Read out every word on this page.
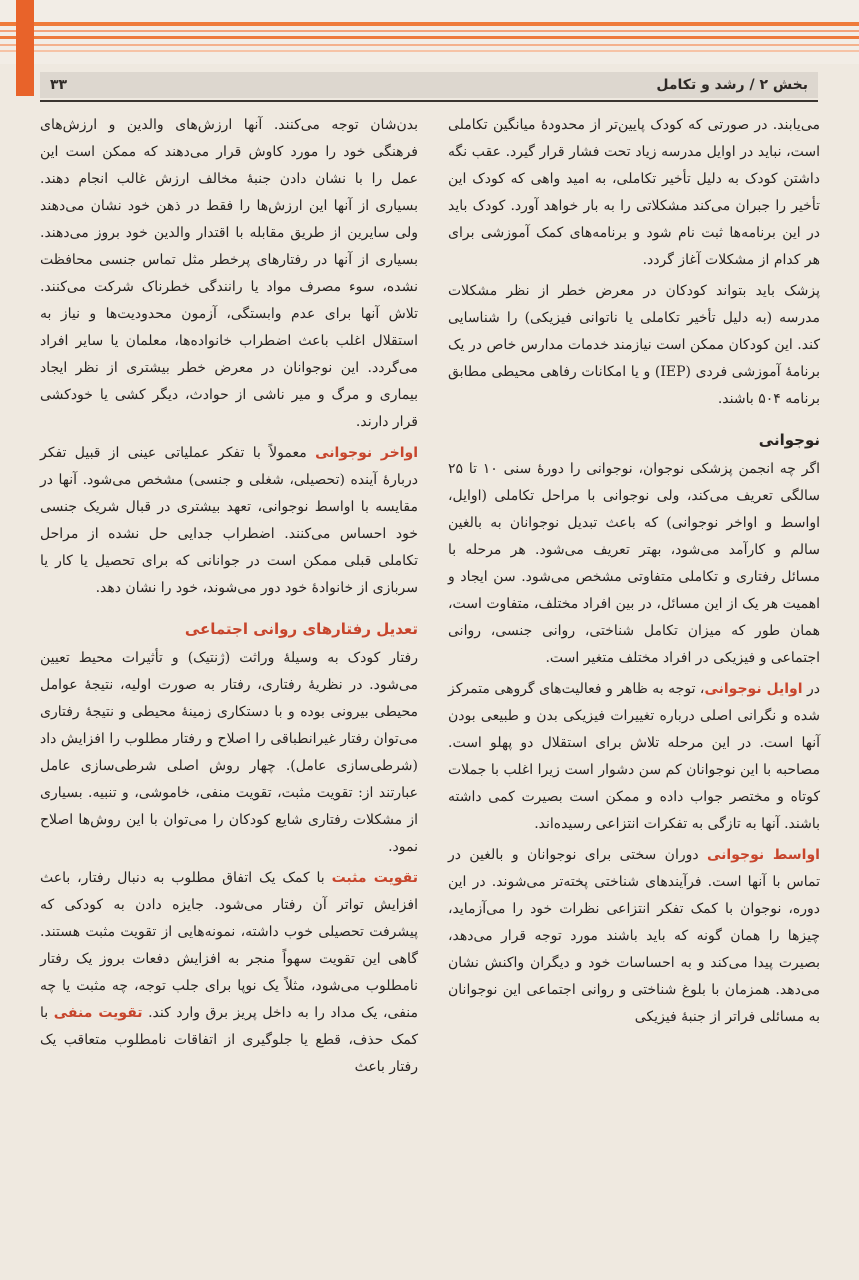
بخش ۲ / رشد و تکامل
۳۳

می‌یابند. در صورتی که کودک پایین‌تر از محدودهٔ میانگین تکاملی است، نباید در اوایل مدرسه زیاد تحت فشار قرار گیرد. عقب نگه داشتن کودک به دلیل تأخیر تکاملی، به امید واهی که کودک این تأخیر را جبران می‌کند مشکلاتی را به بار خواهد آورد. کودک باید در این برنامه‌ها ثبت نام شود و برنامه‌های کمک آموزشی برای هر کدام از مشکلات آغاز گردد.

پزشک باید بتواند کودکان در معرض خطر از نظر مشکلات مدرسه (به دلیل تأخیر تکاملی یا ناتوانی فیزیکی) را شناسایی کند. این کودکان ممکن است نیازمند خدمات مدارس خاص در یک برنامهٔ آموزشی فردی (IEP) و یا امکانات رفاهی محیطی مطابق برنامه ۵۰۴ باشند.

نوجوانی

اگر چه انجمن پزشکی نوجوان، نوجوانی را دورهٔ سنی ۱۰ تا ۲۵ سالگی تعریف می‌کند، ولی نوجوانی با مراحل تکاملی (اوایل، اواسط و اواخر نوجوانی) که باعث تبدیل نوجوانان به بالغین سالم و کارآمد می‌شود، بهتر تعریف می‌شود. هر مرحله با مسائل رفتاری و تکاملی متفاوتی مشخص می‌شود. سن ایجاد و اهمیت هر یک از این مسائل، در بین افراد مختلف، متفاوت است، همان طور که میزان تکامل شناختی، روانی جنسی، روانی اجتماعی و فیزیکی در افراد مختلف متغیر است.

در اوایل نوجوانی، توجه به ظاهر و فعالیت‌های گروهی متمرکز شده و نگرانی اصلی درباره تغییرات فیزیکی بدن و طبیعی بودن آنها است. در این مرحله تلاش برای استقلال دو پهلو است. مصاحبه با این نوجوانان کم سن دشوار است زیرا اغلب با جملات کوتاه و مختصر جواب داده و ممکن است بصیرت کمی داشته باشند. آنها به تازگی به تفکرات انتزاعی رسیده‌اند.

اواسط نوجوانی دوران سختی برای نوجوانان و بالغین در تماس با آنها است. فرآیندهای شناختی پخته‌تر می‌شوند. در این دوره، نوجوان با کمک تفکر انتزاعی نظرات خود را می‌آزماید، چیزها را همان گونه که باید باشند مورد توجه قرار می‌دهد، بصیرت پیدا می‌کند و به احساسات خود و دیگران واکنش نشان می‌دهد. همزمان با بلوغ شناختی و روانی اجتماعی این نوجوانان به مسائلی فراتر از جنبهٔ فیزیکی

بدن‌شان توجه می‌کنند. آنها ارزش‌های والدین و ارزش‌های فرهنگی خود را مورد کاوش قرار می‌دهند که ممکن است این عمل را با نشان دادن جنبهٔ مخالف ارزش غالب انجام دهند. بسیاری از آنها این ارزش‌ها را فقط در ذهن خود نشان می‌دهند ولی سایرین از طریق مقابله با اقتدار والدین خود بروز می‌دهند. بسیاری از آنها در رفتارهای پرخطر مثل تماس جنسی محافظت نشده، سوء مصرف مواد یا رانندگی خطرناک شرکت می‌کنند. تلاش آنها برای عدم وابستگی، آزمون محدودیت‌ها و نیاز به استقلال اغلب باعث اضطراب خانواده‌ها، معلمان یا سایر افراد می‌گردد. این نوجوانان در معرض خطر بیشتری از نظر ایجاد بیماری و مرگ و میر ناشی از حوادث، دیگر کشی یا خودکشی قرار دارند.

اواخر نوجوانی معمولاً با تفکر عملیاتی عینی از قبیل تفکر دربارهٔ آینده (تحصیلی، شغلی و جنسی) مشخص می‌شود. آنها در مقایسه با اواسط نوجوانی، تعهد بیشتری در قبال شریک جنسی خود احساس می‌کنند. اضطراب جدایی حل نشده از مراحل تکاملی قبلی ممکن است در جوانانی که برای تحصیل یا کار یا سربازی از خانوادهٔ خود دور می‌شوند، خود را نشان دهد.

تعدیل رفتارهای روانی اجتماعی

رفتار کودک به وسیلهٔ وراثت (ژنتیک) و تأثیرات محیط تعیین می‌شود. در نظریهٔ رفتاری، رفتار به صورت اولیه، نتیجهٔ عوامل محیطی بیرونی بوده و با دستکاری زمینهٔ محیطی و نتیجهٔ رفتاری می‌توان رفتار غیرانطباقی را اصلاح و رفتار مطلوب را افزایش داد (شرطی‌سازی عامل). چهار روش اصلی شرطی‌سازی عامل عبارتند از: تقویت مثبت، تقویت منفی، خاموشی، و تنبیه. بسیاری از مشکلات رفتاری شایع کودکان را می‌توان با این روش‌ها اصلاح نمود.

تقویت مثبت با کمک یک اتفاق مطلوب به دنبال رفتار، باعث افزایش تواتر آن رفتار می‌شود. جایزه دادن به کودکی که پیشرفت تحصیلی خوب داشته، نمونه‌هایی از تقویت مثبت هستند. گاهی این تقویت سهواً منجر به افزایش دفعات بروز یک رفتار نامطلوب می‌شود، مثلاً یک نوپا برای جلب توجه، چه مثبت یا چه منفی، یک مداد را به داخل پریز برق وارد کند. تقویت منفی با کمک حذف، قطع یا جلوگیری از اتفاقات نامطلوب متعاقب یک رفتار باعث
